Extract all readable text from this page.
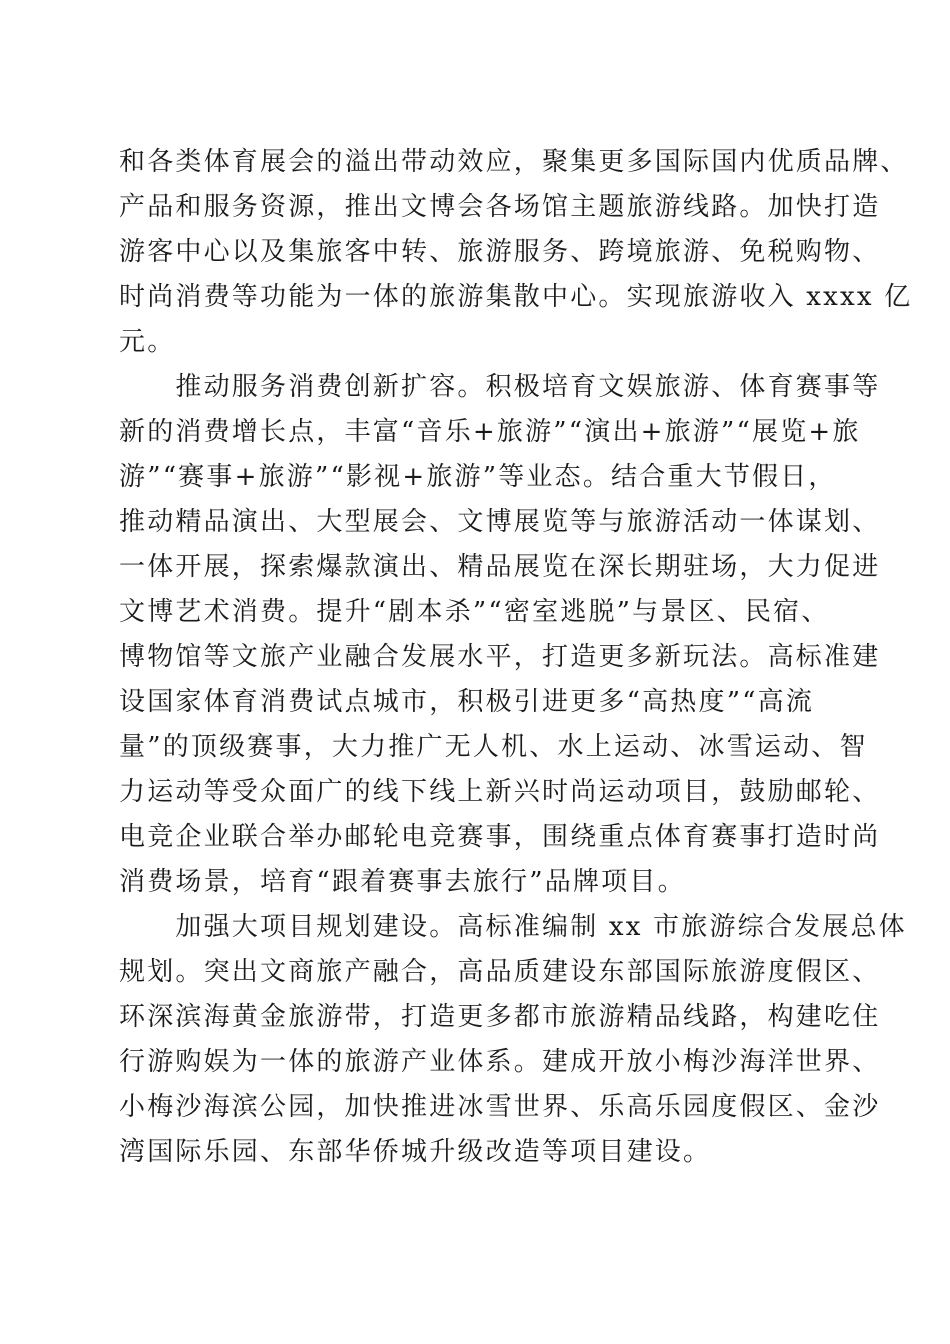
和各类体育展会的溢出带动效应，聚集更多国际国内优质品牌、
产品和服务资源，推出文博会各场馆主题旅游线路。加快打造
游客中心以及集旅客中转、旅游服务、跨境旅游、免税购物、
时尚消费等功能为一体的旅游集散中心。实现旅游收入 xxxx 亿
元。
　　推动服务消费创新扩容。积极培育文娱旅游、体育赛事等
新的消费增长点，丰富“音乐+旅游”“演出+旅游”“展览+旅
游”“赛事+旅游”“影视+旅游”等业态。结合重大节假日，
推动精品演出、大型展会、文博展览等与旅游活动一体谋划、
一体开展，探索爆款演出、精品展览在深长期驻场，大力促进
文博艺术消费。提升“剧本杀”“密室逃脱”与景区、民宿、
博物馆等文旅产业融合发展水平，打造更多新玩法。高标准建
设国家体育消费试点城市，积极引进更多“高热度”“高流
量”的顶级赛事，大力推广无人机、水上运动、冰雪运动、智
力运动等受众面广的线下线上新兴时尚运动项目，鼓励邮轮、
电竞企业联合举办邮轮电竞赛事，围绕重点体育赛事打造时尚
消费场景，培育“跟着赛事去旅行”品牌项目。
　　加强大项目规划建设。高标准编制 xx 市旅游综合发展总体
规划。突出文商旅产融合，高品质建设东部国际旅游度假区、
环深滨海黄金旅游带，打造更多都市旅游精品线路，构建吃住
行游购娱为一体的旅游产业体系。建成开放小梅沙海洋世界、
小梅沙海滨公园，加快推进冰雪世界、乐高乐园度假区、金沙
湾国际乐园、东部华侨城升级改造等项目建设。
